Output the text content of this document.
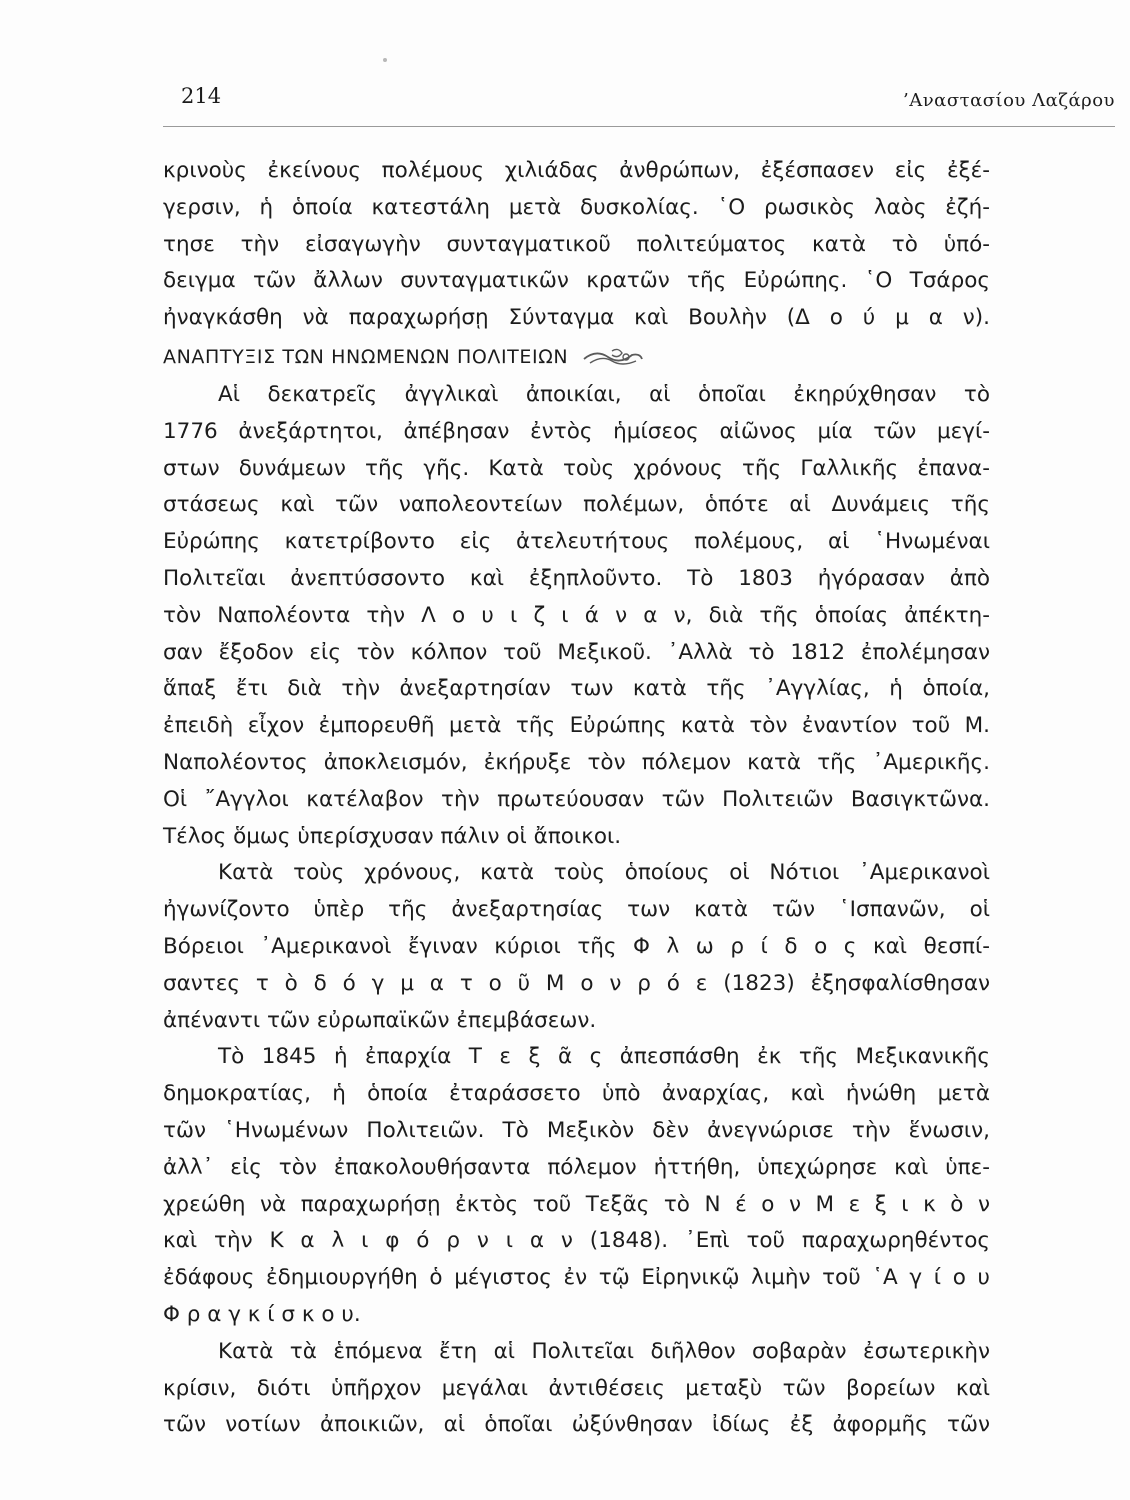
214	’Αναστασίου Λαζάρου
κρινοὺς ἐκείνους πολέμους χιλιάδας ἀνθρώπων, ἐξέσπασεν εἰς ἐξέ-
γερσιν, ἡ ὁποία κατεστάλη μετὰ δυσκολίας. ῾Ο ρωσικὸς λαὸς ἐζή-
τησε τὴν εἰσαγωγὴν συνταγματικοῦ πολιτεύματος κατὰ τὸ ὑπό-
δειγμα τῶν ἄλλων συνταγματικῶν κρατῶν τῆς Εὐρώπης. ῾Ο Τσάρος
ἠναγκάσθη νὰ παραχωρήσῃ Σύνταγμα καὶ Βουλὴν (Δ ο ύ μ α ν).
ΑΝΑΠΤΥΞΙΣ ΤΩΝ ΗΝΩΜΕΝΩΝ ΠΟΛΙΤΕΙΩΝ
Αἱ δεκατρεῖς ἀγγλικαὶ ἀποικίαι, αἱ ὁποῖαι ἐκηρύχθησαν τὸ
1776 ἀνεξάρτητοι, ἀπέβησαν ἐντὸς ἡμίσεος αἰῶνος μία τῶν μεγί-
στων δυνάμεων τῆς γῆς. Κατὰ τοὺς χρόνους τῆς Γαλλικῆς ἐπανα-
στάσεως καὶ τῶν ναπολεοντείων πολέμων, ὁπότε αἱ Δυνάμεις τῆς
Εὐρώπης κατετρίβοντο εἰς ἀτελευτήτους πολέμους, αἱ ῾Ηνωμέναι
Πολιτεῖαι ἀνεπτύσσοντο καὶ ἐξηπλοῦντο. Τὸ 1803 ἠγόρασαν ἀπὸ
τὸν Ναπολέοντα τὴν Λ ο υ ι ζ ι ά ν α ν, διὰ τῆς ὁποίας ἀπέκτη-
σαν ἔξοδον εἰς τὸν κόλπον τοῦ Μεξικοῦ. ᾿Αλλὰ τὸ 1812 ἐπολέμησαν
ἅπαξ ἔτι διὰ τὴν ἀνεξαρτησίαν των κατὰ τῆς ᾿Αγγλίας, ἡ ὁποία,
ἐπειδὴ εἶχον ἐμπορευθῆ μετὰ τῆς Εὐρώπης κατὰ τὸν ἐναντίον τοῦ Μ.
Ναπολέοντος ἀποκλεισμόν, ἐκήρυξε τὸν πόλεμον κατὰ τῆς ᾿Αμερικῆς.
Οἱ ῎Αγγλοι κατέλαβον τὴν πρωτεύουσαν τῶν Πολιτειῶν Βασιγκτῶνα.
Τέλος ὅμως ὑπερίσχυσαν πάλιν οἱ ἄποικοι.
Κατὰ τοὺς χρόνους, κατὰ τοὺς ὁποίους οἱ Νότιοι ᾿Αμερικανοὶ
ἠγωνίζοντο ὑπὲρ τῆς ἀνεξαρτησίας των κατὰ τῶν ῾Ισπανῶν, οἱ
Βόρειοι ᾿Αμερικανοὶ ἔγιναν κύριοι τῆς Φ λ ω ρ ί δ ο ς καὶ θεσπί-
σαντες τ ὸ δ ό γ μ α τ ο ῦ Μ ο ν ρ ό ε (1823) ἐξησφαλίσθησαν
ἀπέναντι τῶν εὐρωπαϊκῶν ἐπεμβάσεων.
Τὸ 1845 ἡ ἐπαρχία Τ ε ξ ᾶ ς ἀπεσπάσθη ἐκ τῆς Μεξικανικῆς
δημοκρατίας, ἡ ὁποία ἐταράσσετο ὑπὸ ἀναρχίας, καὶ ἡνώθη μετὰ
τῶν ῾Ηνωμένων Πολιτειῶν. Τὸ Μεξικὸν δὲν ἀνεγνώρισε τὴν ἕνωσιν,
ἀλλ᾿ εἰς τὸν ἐπακολουθήσαντα πόλεμον ἡττήθη, ὑπεχώρησε καὶ ὑπε-
χρεώθη νὰ παραχωρήσῃ ἐκτὸς τοῦ Τεξᾶς τὸ Ν έ ο ν Μ ε ξ ι κ ὸ ν
καὶ τὴν Κ α λ ι φ ό ρ ν ι α ν (1848). ᾿Επὶ τοῦ παραχωρηθέντος
ἐδάφους ἐδημιουργήθη ὁ μέγιστος ἐν τῷ Εἰρηνικῷ λιμὴν τοῦ ῾Α γ ί ο υ
Φ ρ α γ κ ί σ κ ο υ.
Κατὰ τὰ ἑπόμενα ἔτη αἱ Πολιτεῖαι διῆλθον σοβαρὰν ἐσωτερικὴν
κρίσιν, διότι ὑπῆρχον μεγάλαι ἀντιθέσεις μεταξὺ τῶν βορείων καὶ
τῶν νοτίων ἀποικιῶν, αἱ ὁποῖαι ὠξύνθησαν ἰδίως ἐξ ἀφορμῆς τῶν
